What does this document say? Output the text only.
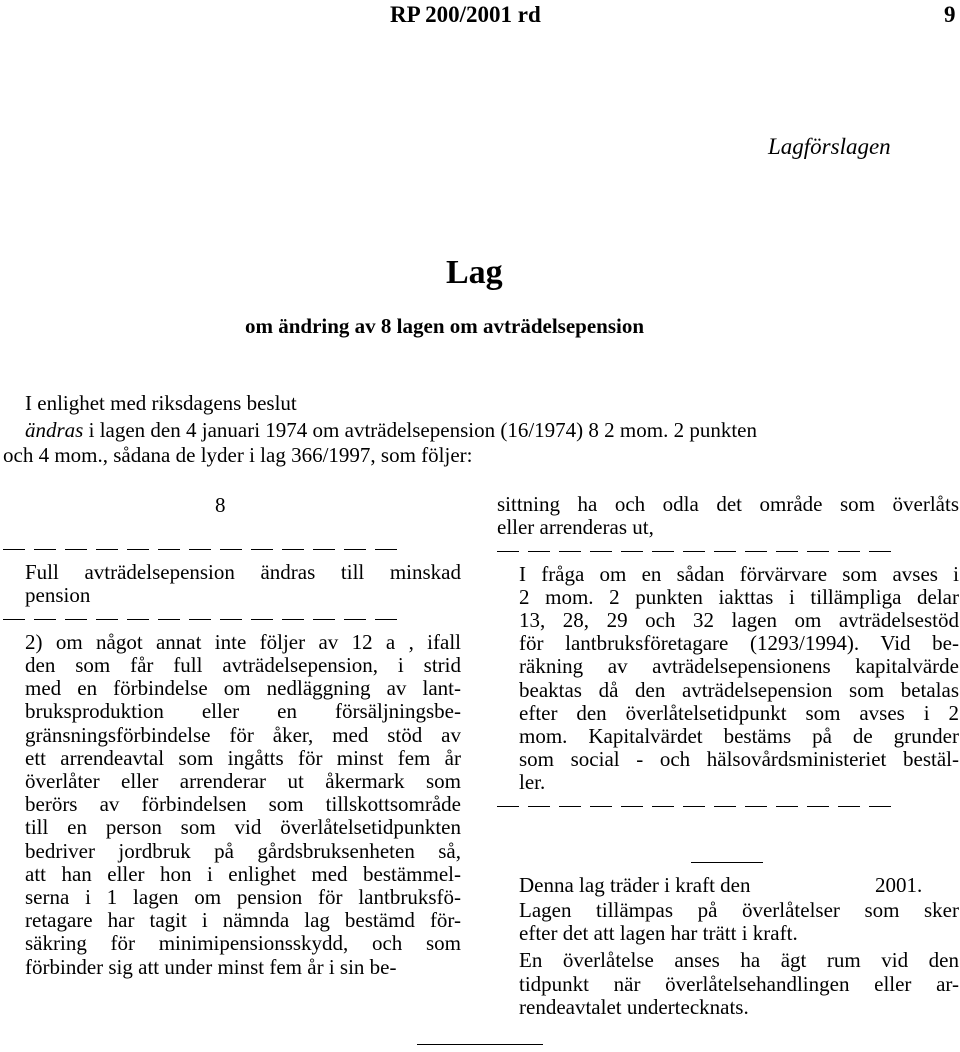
RP 200/2001 rd	9
Lagförslagen
Lag
om ändring av 8 lagen om avträdelsepension
I enlighet med riksdagens beslut
ändras i lagen den 4 januari 1974 om avträdelsepension (16/1974) 8 2 mom. 2 punkten
och 4 mom., sådana de lyder i lag 366/1997, som följer:
8
Full avträdelsepension ändras till minskad
pension
2) om något annat inte följer av 12 a , ifall
den som får full avträdelsepension, i strid
med en förbindelse om nedläggning av lant-
bruksproduktion eller en försäljningsbe-
gränsningsförbindelse för åker, med stöd av
ett arrendeavtal som ingåtts för minst fem år
överlåter eller arrenderar ut åkermark som
berörs av förbindelsen som tillskottsområde
till en person som vid överlåtelsetidpunkten
bedriver jordbruk på gårdsbruksenheten så,
att han eller hon i enlighet med bestämmel-
serna i 1 lagen om pension för lantbruksfö-
retagare har tagit i nämnda lag bestämd för-
säkring för minimipensionsskydd, och som
förbinder sig att under minst fem år i sin be-
sittning ha och odla det område som överlåts
eller arrenderas ut,
I fråga om en sådan förvärvare som avses i
2 mom. 2 punkten iakttas i tillämpliga delar
13, 28, 29 och 32 lagen om avträdelsestöd
för lantbruksföretagare (1293/1994). Vid be-
räkning av avträdelsepensionens kapitalvärde
beaktas då den avträdelsepension som betalas
efter den överlåtelsetidpunkt som avses i 2
mom. Kapitalvärdet bestäms på de grunder
som social - och hälsovårdsministeriet bestäl-
ler.
Denna lag träder i kraft den	2001.
Lagen tillämpas på överlåtelser som sker
efter det att lagen har trätt i kraft.
En överlåtelse anses ha ägt rum vid den
tidpunkt när överlåtelsehandlingen eller ar-
rendeavtalet undertecknats.
